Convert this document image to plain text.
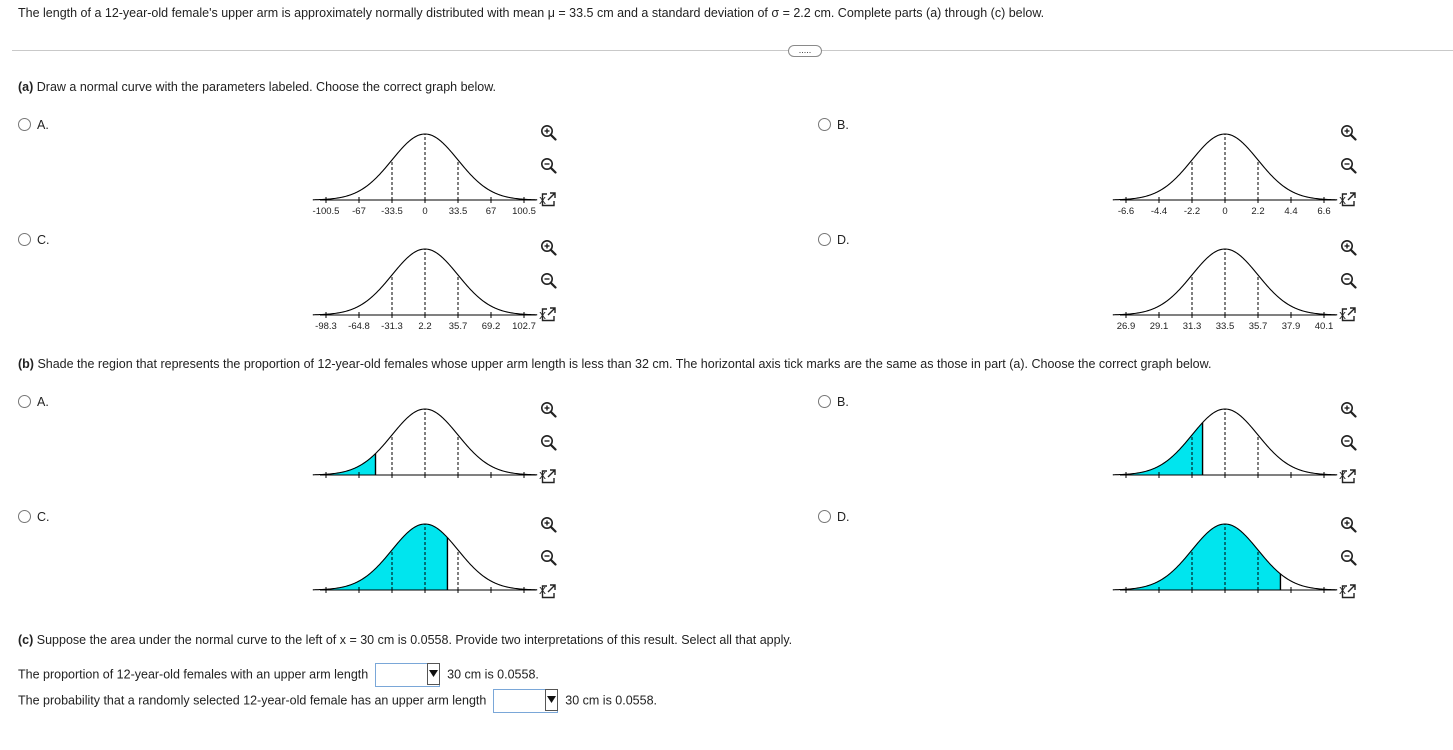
The length of a 12-year-old female's upper arm is approximately normally distributed with mean μ = 33.5 cm and a standard deviation of σ = 2.2 cm. Complete parts (a) through (c) below.
.....
(a) Draw a normal curve with the parameters labeled. Choose the correct graph below.
A.	B.
C.	D.
X
-100.5 -67 -33.5 0 33.5 67 100.5
X
-6.6 -4.4 -2.2 0 2.2 4.4 6.6
X
-98.3 -64.8 -31.3 2.2 35.7 69.2 102.7
X
26.9 29.1 31.3 33.5 35.7 37.9 40.1
(b) Shade the region that represents the proportion of 12-year-old females whose upper arm length is less than 32 cm. The horizontal axis tick marks are the same as those in part (a). Choose the correct graph below.
A.	B.
C.	D.
X	X
X	X
(c) Suppose the area under the normal curve to the left of x = 30 cm is 0.0558. Provide two interpretations of this result. Select all that apply.
The proportion of 12-year-old females with an upper arm length	30 cm is 0.0558.
The probability that a randomly selected 12-year-old female has an upper arm length	30 cm is 0.0558.
